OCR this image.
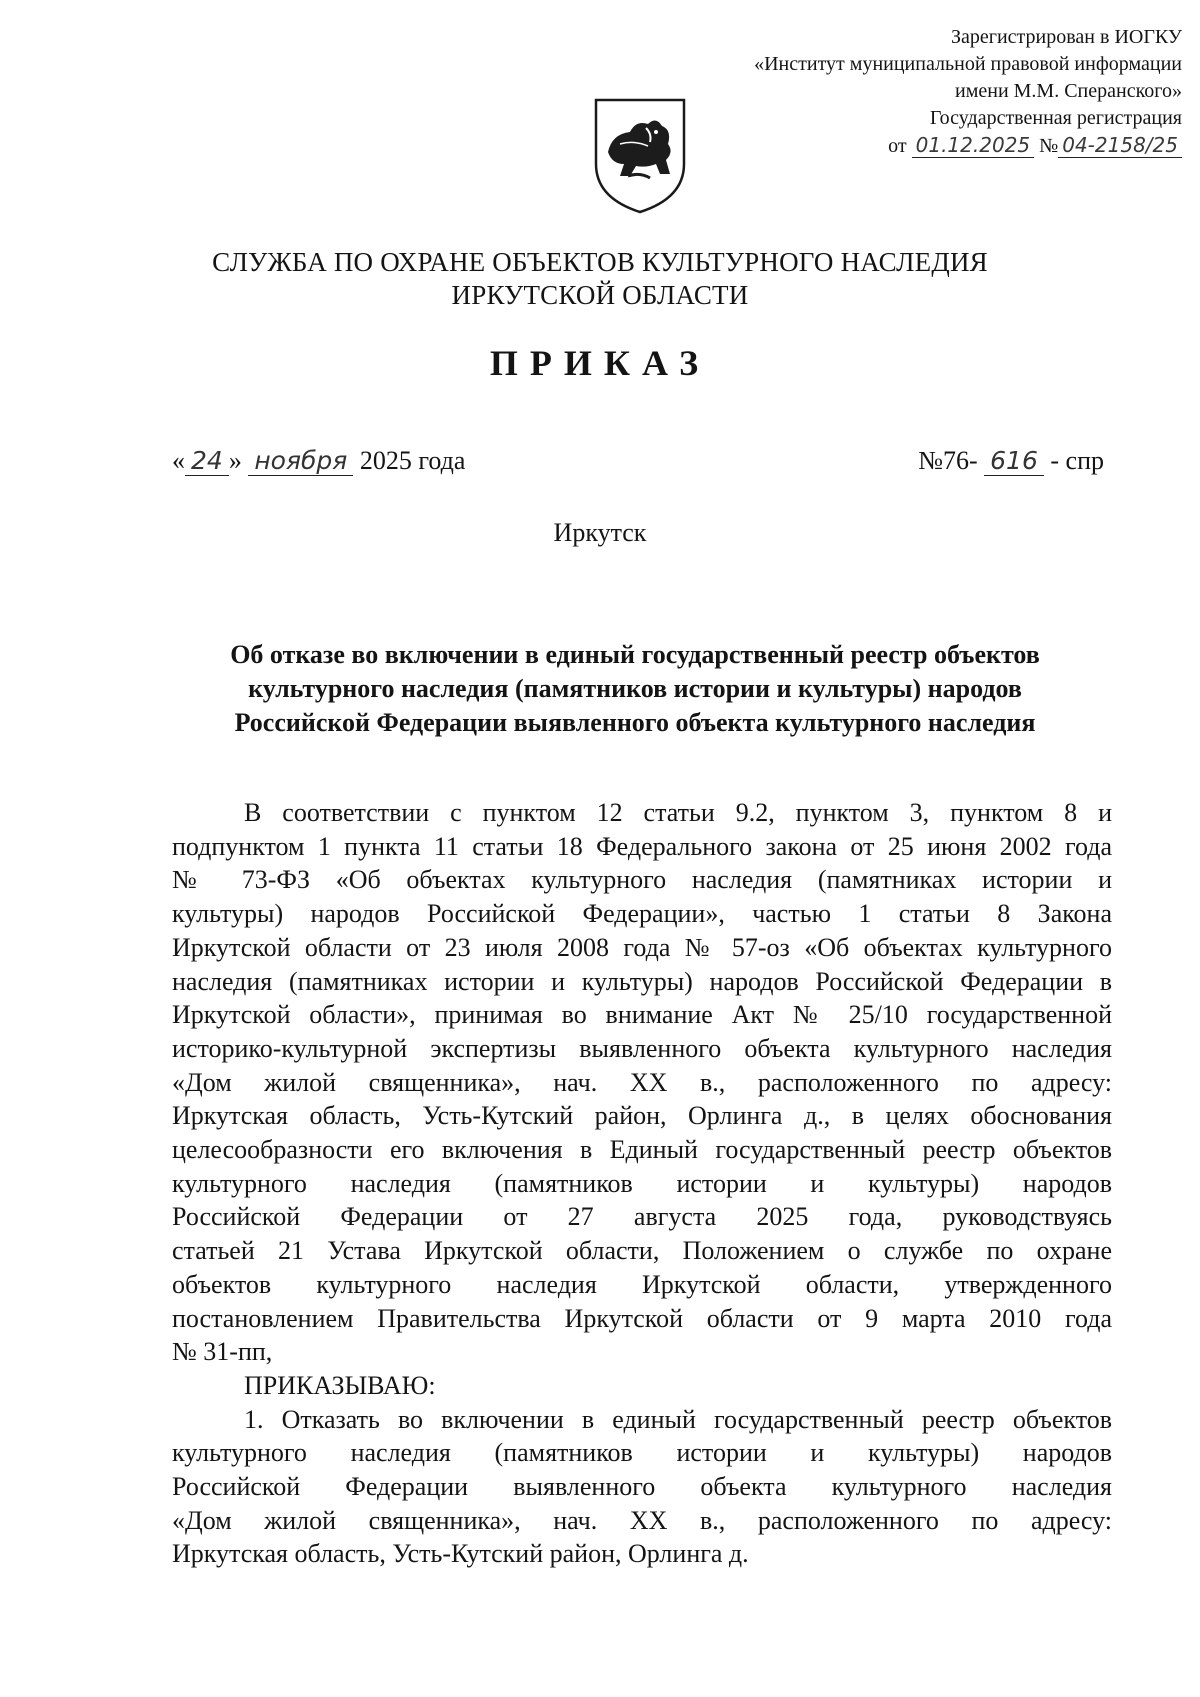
Зарегистрирован в ИОГКУ
«Институт муниципальной правовой информации
имени М.М. Сперанского»
Государственная регистрация
от 01.12.2025 № 04-2158/25
СЛУЖБА ПО ОХРАНЕ ОБЪЕКТОВ КУЛЬТУРНОГО НАСЛЕДИЯ
ИРКУТСКОЙ ОБЛАСТИ
ПРИКАЗ
« 24 » ноября 2025 года	№76- 616 - спр
Иркутск
Об отказе во включении в единый государственный реестр объектов
культурного наследия (памятников истории и культуры) народов
Российской Федерации выявленного объекта культурного наследия
В соответствии с пунктом 12 статьи 9.2, пунктом 3, пунктом 8 и
подпунктом 1 пункта 11 статьи 18 Федерального закона от 25 июня 2002 года
№ 73-ФЗ «Об объектах культурного наследия (памятниках истории и
культуры) народов Российской Федерации», частью 1 статьи 8 Закона
Иркутской области от 23 июля 2008 года № 57-оз «Об объектах культурного
наследия (памятниках истории и культуры) народов Российской Федерации в
Иркутской области», принимая во внимание Акт № 25/10 государственной
историко-культурной экспертизы выявленного объекта культурного наследия
«Дом жилой священника», нач. XX в., расположенного по адресу:
Иркутская область, Усть-Кутский район, Орлинга д., в целях обоснования
целесообразности его включения в Единый государственный реестр объектов
культурного наследия (памятников истории и культуры) народов
Российской Федерации от 27 августа 2025 года, руководствуясь
статьей 21 Устава Иркутской области, Положением о службе по охране
объектов культурного наследия Иркутской области, утвержденного
постановлением Правительства Иркутской области от 9 марта 2010 года
№ 31-пп,
ПРИКАЗЫВАЮ:
1. Отказать во включении в единый государственный реестр объектов
культурного наследия (памятников истории и культуры) народов
Российской Федерации выявленного объекта культурного наследия
«Дом жилой священника», нач. XX в., расположенного по адресу:
Иркутская область, Усть-Кутский район, Орлинга д.
